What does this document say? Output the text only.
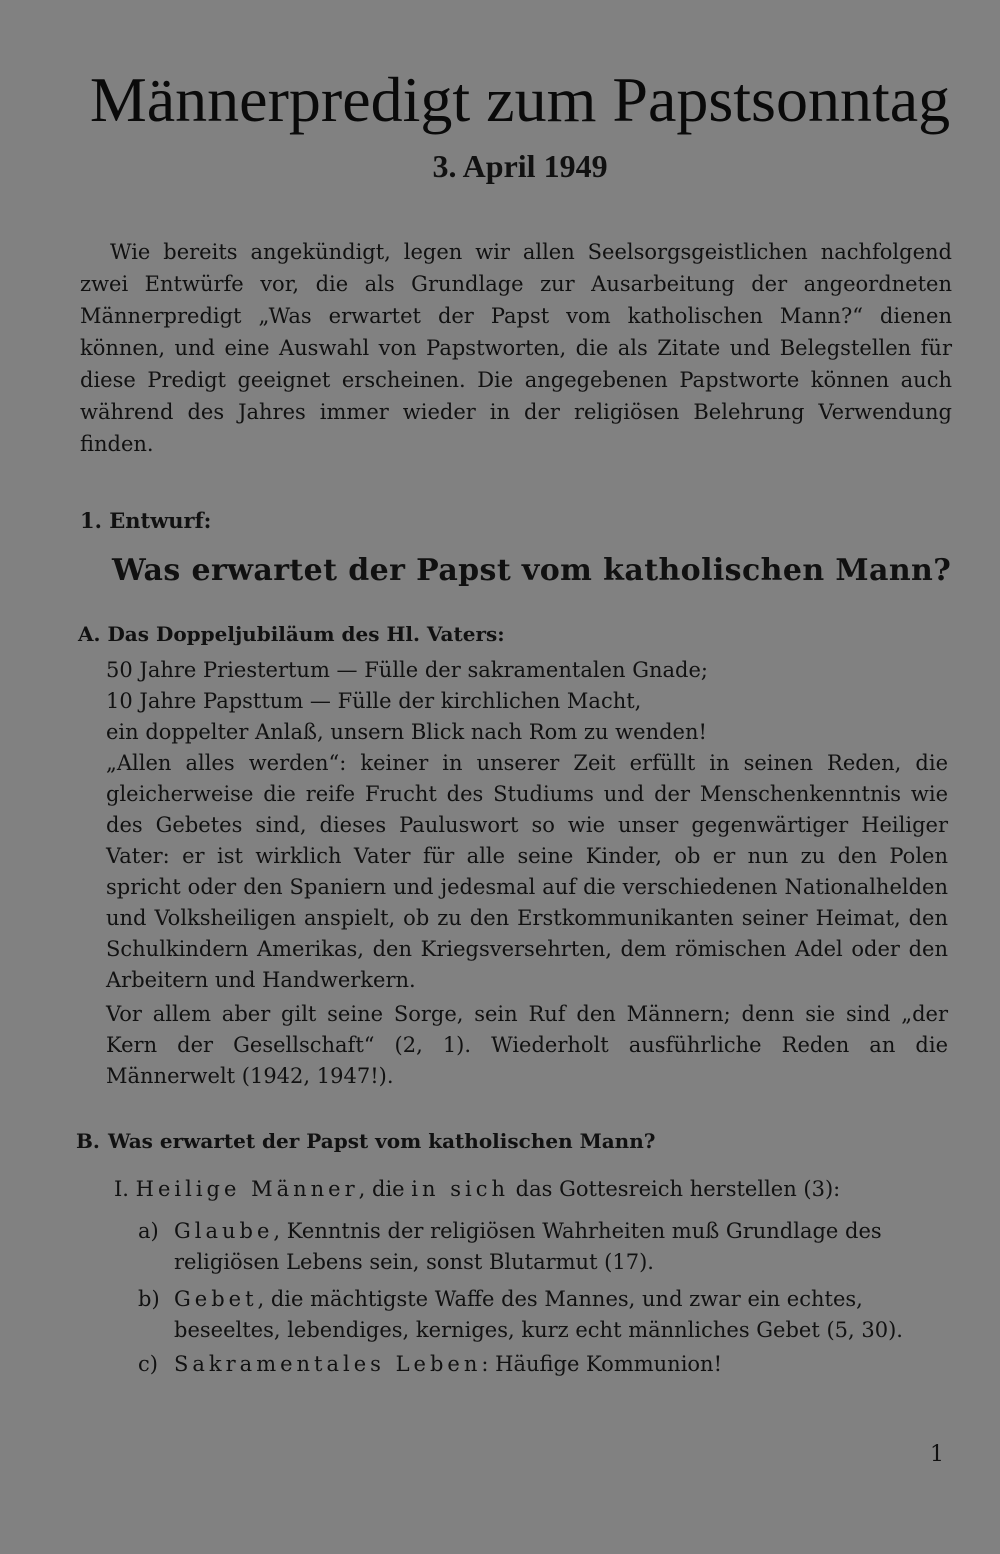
Männerpredigt zum Papstsonntag
3. April 1949

Wie bereits angekündigt, legen wir allen Seelsorgsgeistlichen nachfolgend zwei Entwürfe vor, die als Grundlage zur Ausarbeitung der angeordneten Männerpredigt „Was erwartet der Papst vom katholischen Mann?“ dienen können, und eine Auswahl von Papstworten, die als Zitate und Belegstellen für diese Predigt geeignet erscheinen. Die angegebenen Papstworte können auch während des Jahres immer wieder in der religiösen Belehrung Verwendung finden.

1. Entwurf:
Was erwartet der Papst vom katholischen Mann?
A. Das Doppeljubiläum des Hl. Vaters:
50 Jahre Priestertum — Fülle der sakramentalen Gnade;
10 Jahre Papsttum — Fülle der kirchlichen Macht,
ein doppelter Anlaß, unsern Blick nach Rom zu wenden!

„Allen alles werden“: keiner in unserer Zeit erfüllt in seinen Reden, die gleicherweise die reife Frucht des Studiums und der Menschenkenntnis wie des Gebetes sind, dieses Pauluswort so wie unser gegenwärtiger Heiliger Vater: er ist wirklich Vater für alle seine Kinder, ob er nun zu den Polen spricht oder den Spaniern und jedesmal auf die verschiedenen Nationalhelden und Volksheiligen anspielt, ob zu den Erstkommunikanten seiner Heimat, den Schulkindern Amerikas, den Kriegsversehrten, dem römischen Adel oder den Arbeitern und Handwerkern.

Vor allem aber gilt seine Sorge, sein Ruf den Männern; denn sie sind „der Kern der Gesellschaft“ (2, 1). Wiederholt ausführliche Reden an die Männerwelt (1942, 1947!).

B. Was erwartet der Papst vom katholischen Mann?
I. Heilige Männer, die in sich das Gottesreich herstellen (3):
a) Glaube, Kenntnis der religiösen Wahrheiten muß Grundlage des religiösen Lebens sein, sonst Blutarmut (17).
b) Gebet, die mächtigste Waffe des Mannes, und zwar ein echtes, beseeltes, lebendiges, kerniges, kurz echt männliches Gebet (5, 30).
c) Sakramentales Leben: Häufige Kommunion!
1
